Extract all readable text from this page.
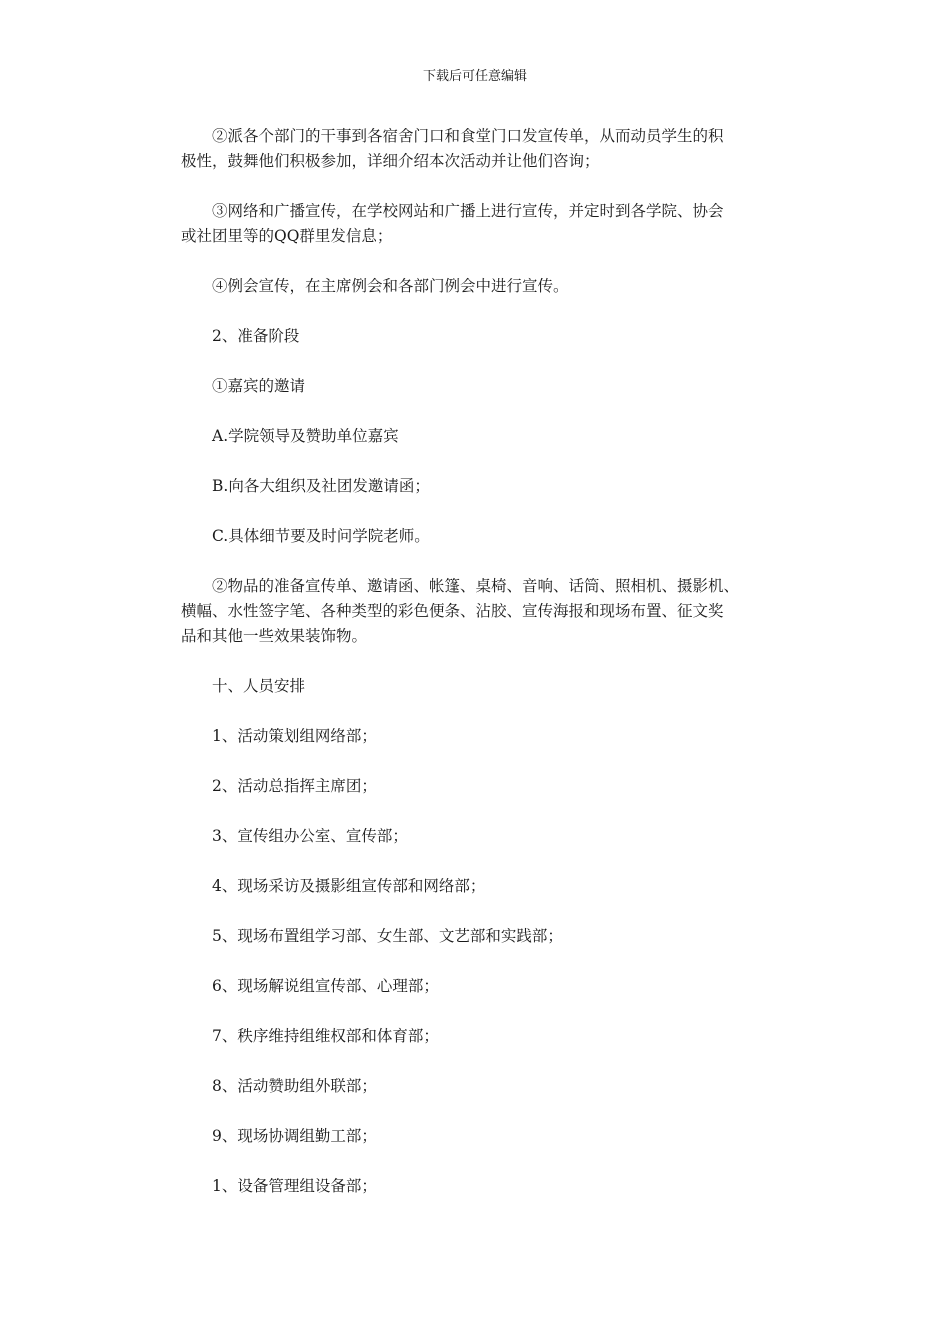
下载后可任意编辑

②派各个部门的干事到各宿舍门口和食堂门口发宣传单，从而动员学生的积
极性，鼓舞他们积极参加，详细介绍本次活动并让他们咨询；

③网络和广播宣传，在学校网站和广播上进行宣传，并定时到各学院、协会
或社团里等的QQ群里发信息；

④例会宣传，在主席例会和各部门例会中进行宣传。

2、准备阶段

①嘉宾的邀请

A.学院领导及赞助单位嘉宾

B.向各大组织及社团发邀请函；

C.具体细节要及时问学院老师。

②物品的准备宣传单、邀请函、帐篷、桌椅、音响、话筒、照相机、摄影机、
横幅、水性签字笔、各种类型的彩色便条、沾胶、宣传海报和现场布置、征文奖
品和其他一些效果装饰物。

十、人员安排

1、活动策划组网络部；

2、活动总指挥主席团；

3、宣传组办公室、宣传部；

4、现场采访及摄影组宣传部和网络部；

5、现场布置组学习部、女生部、文艺部和实践部；

6、现场解说组宣传部、心理部；

7、秩序维持组维权部和体育部；

8、活动赞助组外联部；

9、现场协调组勤工部；

1、设备管理组设备部；
